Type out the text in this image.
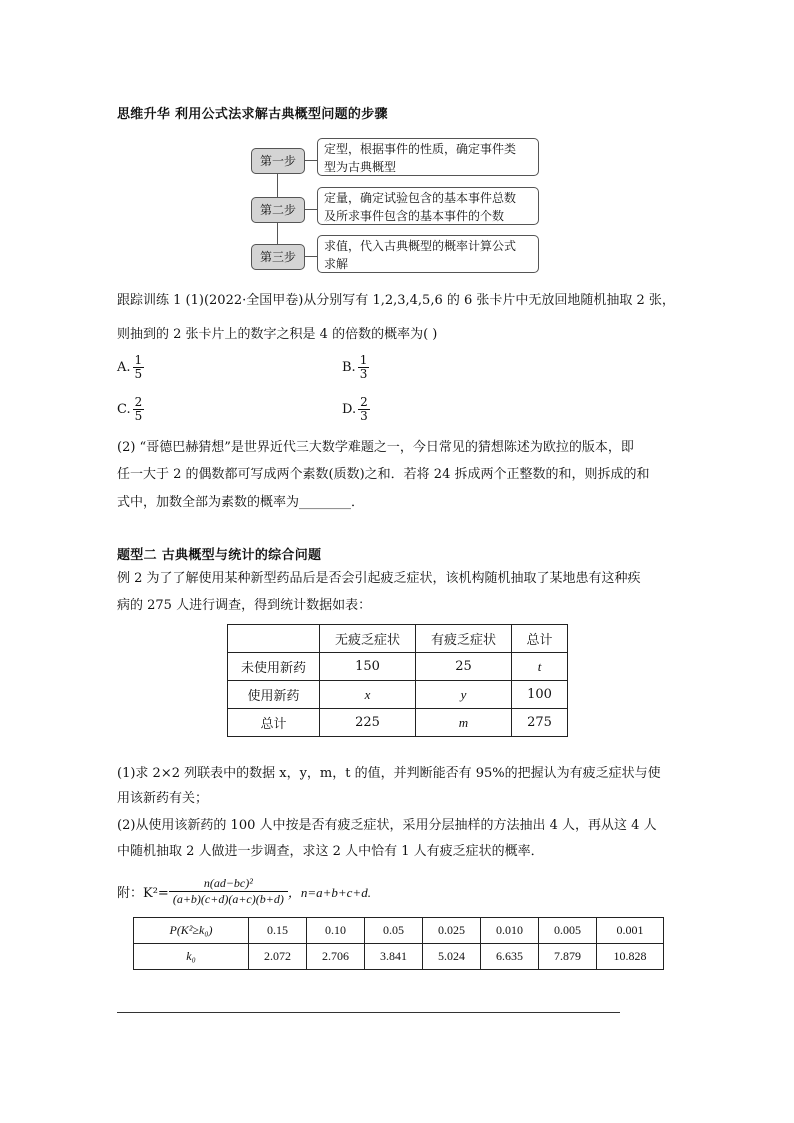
思维升华 利用公式法求解古典概型问题的步骤
第一步
定型，根据事件的性质，确定事件类
型为古典概型
第二步
定量，确定试验包含的基本事件总数
及所求事件包含的基本事件的个数
第三步
求值，代入古典概型的概率计算公式
求解
跟踪训练 1 (1)(2022·全国甲卷)从分别写有 1,2,3,4,5,6 的 6 张卡片中无放回地随机抽取 2 张，
则抽到的 2 张卡片上的数字之积是 4 的倍数的概率为( )
A. $\frac{1}{5}$	B. $\frac{1}{3}$
C. $\frac{2}{5}$	D. $\frac{2}{3}$
(2) “哥德巴赫猜想”是世界近代三大数学难题之一，今日常见的猜想陈述为欧拉的版本，即
任一大于 2 的偶数都可写成两个素数(质数)之和．若将 24 拆成两个正整数的和，则拆成的和
式中，加数全部为素数的概率为________．
题型二 古典概型与统计的综合问题
例 2 为了了解使用某种新型药品后是否会引起疲乏症状，该机构随机抽取了某地患有这种疾
病的 275 人进行调查，得到统计数据如表：
	无疲乏症状	有疲乏症状	总计
未使用新药	150	25	t
使用新药	x	y	100
总计	225	m	275
(1)求 2×2 列联表中的数据 x，y，m，t 的值，并判断能否有 95%的把握认为有疲乏症状与使
用该新药有关；
(2)从使用该新药的 100 人中按是否有疲乏症状，采用分层抽样的方法抽出 4 人，再从这 4 人
中随机抽取 2 人做进一步调查，求这 2 人中恰有 1 人有疲乏症状的概率．
附：$K^2= \frac{\text{n(ad−bc)²}}{(a+b)(c+d)(a+c)(b+d)}$ ，n=a+b+c+d.
P(K²≥k₀)	0.15	0.10	0.05	0.025	0.010	0.005	0.001
k₀	2.072	2.706	3.841	5.024	6.635	7.879	10.828
